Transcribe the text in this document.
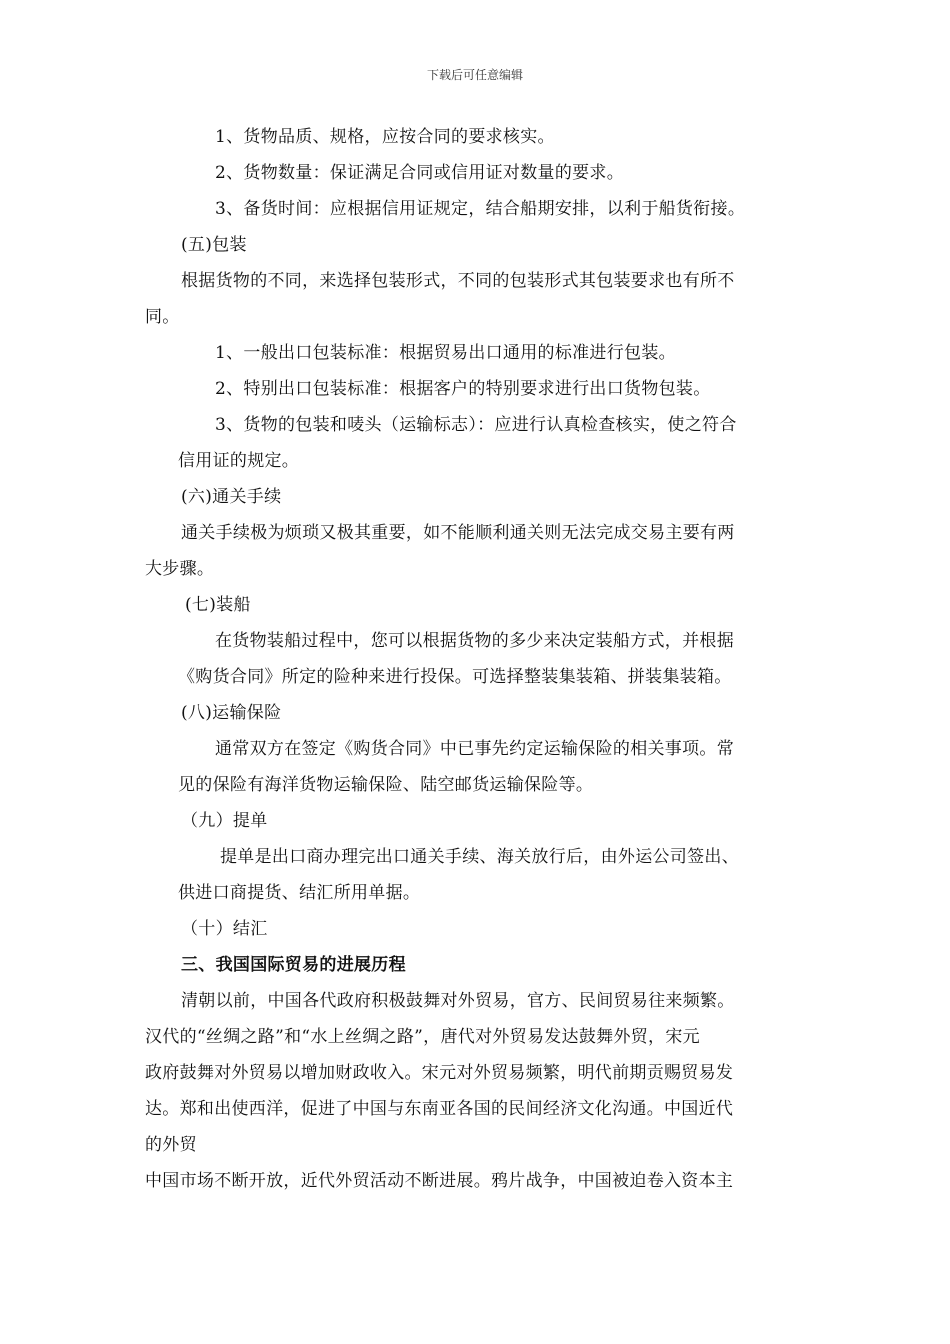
下载后可任意编辑
1、货物品质、规格，应按合同的要求核实。
2、货物数量：保证满足合同或信用证对数量的要求。
3、备货时间：应根据信用证规定，结合船期安排，以利于船货衔接。
(五)包装
根据货物的不同，来选择包装形式，不同的包装形式其包装要求也有所不
同。
1、一般出口包装标准：根据贸易出口通用的标准进行包装。
2、特别出口包装标准：根据客户的特别要求进行出口货物包装。
3、货物的包装和唛头（运输标志）：应进行认真检查核实，使之符合
信用证的规定。
(六)通关手续
通关手续极为烦琐又极其重要，如不能顺利通关则无法完成交易主要有两
大步骤。
(七)装船
在货物装船过程中，您可以根据货物的多少来决定装船方式，并根据
《购货合同》所定的险种来进行投保。可选择整装集装箱、拼装集装箱。
(八)运输保险
通常双方在签定《购货合同》中已事先约定运输保险的相关事项。常
见的保险有海洋货物运输保险、陆空邮货运输保险等。
（九）提单
提单是出口商办理完出口通关手续、海关放行后，由外运公司签出、
供进口商提货、结汇所用单据。
（十）结汇
三、我国国际贸易的进展历程
清朝以前，中国各代政府积极鼓舞对外贸易，官方、民间贸易往来频繁。
汉代的“丝绸之路”和“水上丝绸之路”，唐代对外贸易发达鼓舞外贸，宋元
政府鼓舞对外贸易以增加财政收入。宋元对外贸易频繁，明代前期贡赐贸易发
达。郑和出使西洋，促进了中国与东南亚各国的民间经济文化沟通。中国近代
的外贸
中国市场不断开放，近代外贸活动不断进展。鸦片战争，中国被迫卷入资本主
